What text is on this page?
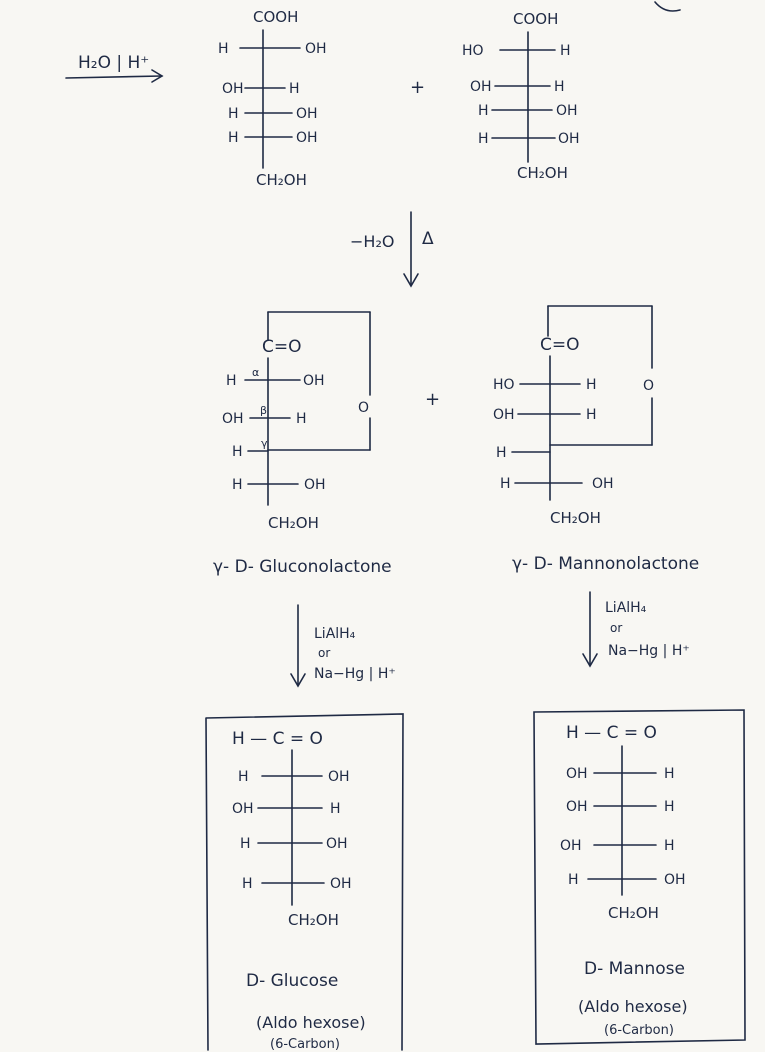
H₂O | H⁺
COOH
H	OH
OH	H
H	OH
H	OH
CH₂OH
+
COOH
HO	H
OH	H
H	OH
H	OH
CH₂OH
−H₂O Δ
C=O
O
H
α
OH
OH
β
H
H
γ
H	OH
CH₂OH
γ- D- Gluconolactone
+
C=O
O
HO	H
OH	H
H
H	OH
CH₂OH
γ- D- Mannonolactone
LiAlH₄
or
Na−Hg | H⁺
LiAlH₄
or
Na−Hg | H⁺
H — C = O
H	OH
OH	H
H	OH
H	OH
CH₂OH
D- Glucose
(Aldo hexose)
(6-Carbon)
H — C = O
OH	H
OH	H
OH	H
H	OH
CH₂OH
D- Mannose
(Aldo hexose)
(6-Carbon)
